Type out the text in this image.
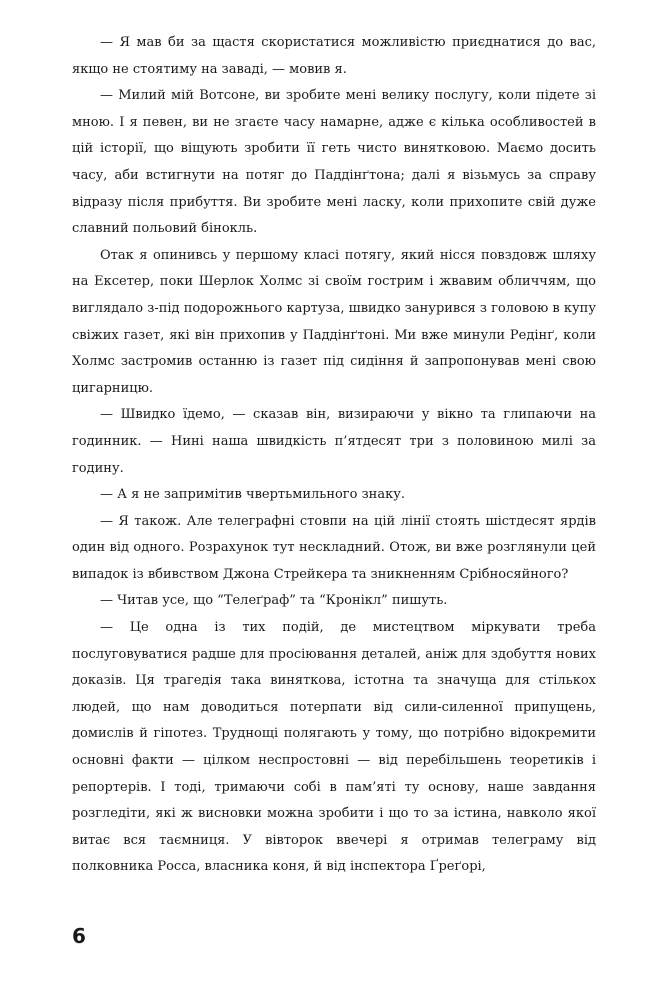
— Я мав би за щастя скористатися можливістю приєднатися до вас, якщо не стоятиму на заваді, — мовив я.

— Милий мій Вотсоне, ви зробите мені велику послугу, коли підете зі мною. І я певен, ви не згаєте часу намарне, адже є кілька особливостей в цій історії, що віщують зробити її геть чисто винятковою. Маємо досить часу, аби встигнути на потяг до Паддінґтона; далі я візьмусь за справу відразу після прибуття. Ви зробите мені ласку, коли прихопите свій дуже славний польовий бінокль.

Отак я опинивсь у першому класі потягу, який нісся повздовж шляху на Ексетер, поки Шерлок Холмс зі своїм гострим і жвавим обличчям, що виглядало з-під подорожнього картуза, швидко занурився з головою в купу свіжих газет, які він прихопив у Паддінґтоні. Ми вже минули Редінґ, коли Холмс застромив останню із газет під сидіння й запропонував мені свою цигарницю.

— Швидко їдемо, — сказав він, визираючи у вікно та глипаючи на годинник. — Нині наша швидкість п’ятдесят три з половиною милі за годину.

— А я не запримітив чвертьмильного знаку.

— Я також. Але телеграфні стовпи на цій лінії стоять шістдесят ярдів один від одного. Розрахунок тут нескладний. Отож, ви вже розглянули цей випадок із вбивством Джона Стрейкера та зникненням Срібносяйного?

— Читав усе, що “Телеґраф” та “Кронікл” пишуть.

— Це одна із тих подій, де мистецтвом міркувати треба послуговуватися радше для просіювання деталей, аніж для здобуття нових доказів. Ця трагедія така виняткова, істотна та значуща для стількох людей, що нам доводиться потерпати від сили-силенної припущень, домислів й гіпотез. Труднощі полягають у тому, що потрібно відокремити основні факти — цілком неспростовні — від перебільшень теоретиків і репортерів. І тоді, тримаючи собі в пам’яті ту основу, наше завдання розгледіти, які ж висновки можна зробити і що то за істина, навколо якої витає вся таємниця. У вівторок ввечері я отримав телеграму від полковника Росса, власника коня, й від інспектора Ґреґорі,

6
